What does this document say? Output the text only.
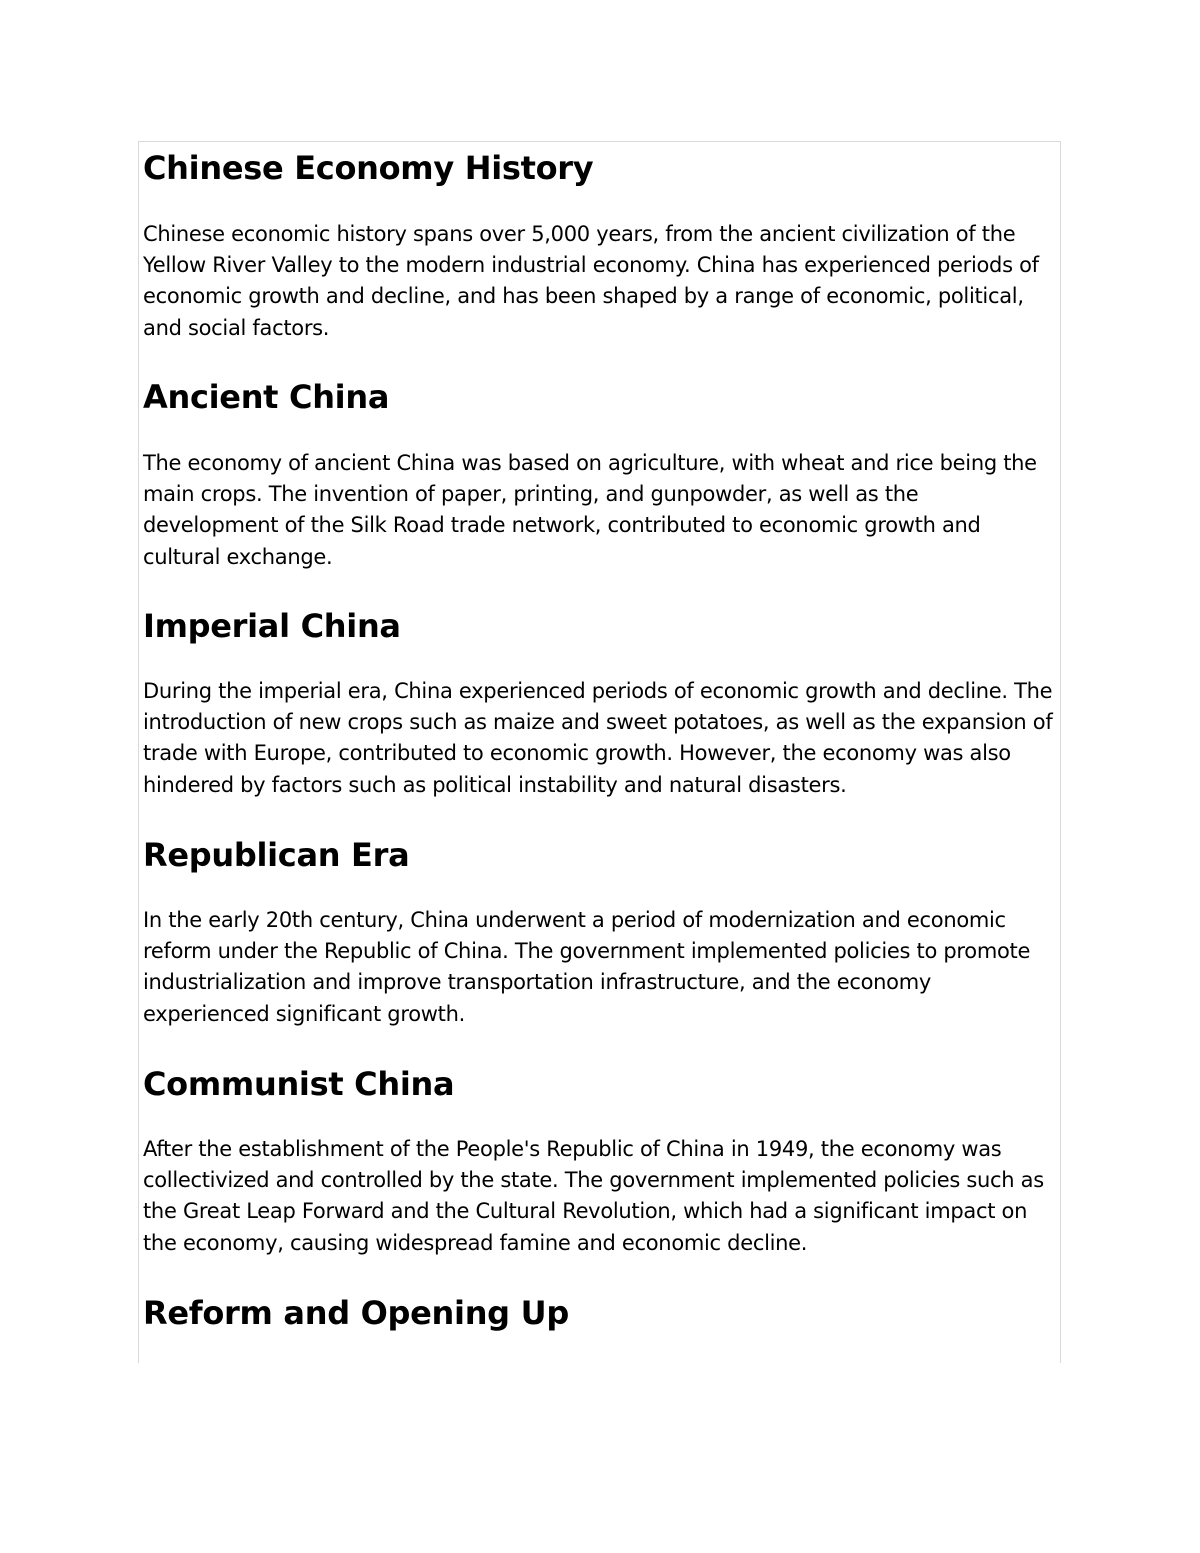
Chinese Economy History

Chinese economic history spans over 5,000 years, from the ancient civilization of the Yellow River Valley to the modern industrial economy. China has experienced periods of economic growth and decline, and has been shaped by a range of economic, political, and social factors.

Ancient China

The economy of ancient China was based on agriculture, with wheat and rice being the main crops. The invention of paper, printing, and gunpowder, as well as the development of the Silk Road trade network, contributed to economic growth and cultural exchange.

Imperial China

During the imperial era, China experienced periods of economic growth and decline. The introduction of new crops such as maize and sweet potatoes, as well as the expansion of trade with Europe, contributed to economic growth. However, the economy was also hindered by factors such as political instability and natural disasters.

Republican Era

In the early 20th century, China underwent a period of modernization and economic reform under the Republic of China. The government implemented policies to promote industrialization and improve transportation infrastructure, and the economy experienced significant growth.

Communist China

After the establishment of the People's Republic of China in 1949, the economy was collectivized and controlled by the state. The government implemented policies such as the Great Leap Forward and the Cultural Revolution, which had a significant impact on the economy, causing widespread famine and economic decline.

Reform and Opening Up
